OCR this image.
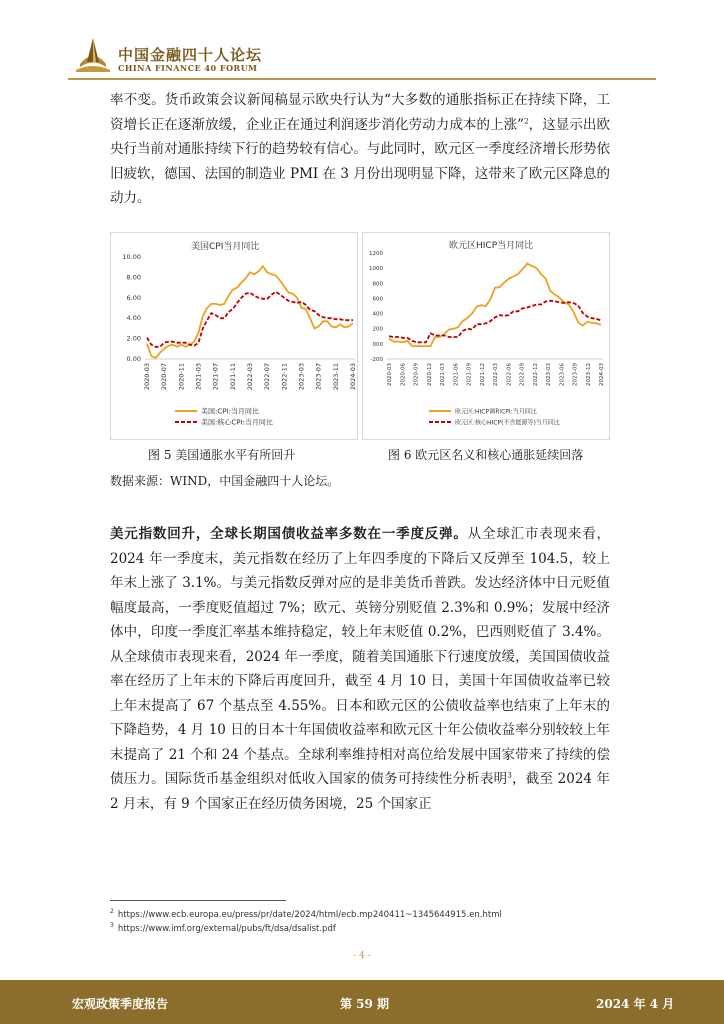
中国金融四十人论坛
CHINA FINANCE 40 FORUM
率不变。货币政策会议新闻稿显示欧央行认为“大多数的通胀指标正在持续下降，工资增长正在逐渐放缓，企业正在通过利润逐步消化劳动力成本的上涨”$^2$，这显示出欧央行当前对通胀持续下行的趋势较有信心。与此同时，欧元区一季度经济增长形势依旧疲软，德国、法国的制造业 PMI 在 3 月份出现明显下降，这带来了欧元区降息的动力。
美国CPI当月同比
0.00
2.00
4.00
6.00
8.00
10.00
2020-03 2020-07 2020-11 2021-03 2021-07 2021-11 2022-03 2022-07 2022-11 2023-03 2023-07 2023-11 2024-03
美国:CPI:当月同比
美国:核心CPI:当月同比
欧元区HICP当月同比
-200
000
200
400
600
800
1000
1200
2020-03 2020-06 2020-09 2020-12 2021-03 2021-06 2021-09 2021-12 2022-03 2022-06 2022-09 2022-12 2023-03 2023-06 2023-09 2023-12 2024-03
欧元区:HICP调和CPI:当月同比
欧元区:核心HICP(不含能源等)当月同比
图 5 美国通胀水平有所回升	图 6 欧元区名义和核心通胀延续回落
数据来源：WIND，中国金融四十人论坛。
美元指数回升，全球长期国债收益率多数在一季度反弹。从全球汇市表现来看，2024 年一季度末，美元指数在经历了上年四季度的下降后又反弹至 104.5，较上年末上涨了 3.1%。与美元指数反弹对应的是非美货币普跌。发达经济体中日元贬值幅度最高，一季度贬值超过 7%；欧元、英镑分别贬值 2.3%和 0.9%；发展中经济体中，印度一季度汇率基本维持稳定，较上年末贬值 0.2%，巴西则贬值了 3.4%。从全球债市表现来看，2024 年一季度，随着美国通胀下行速度放缓，美国国债收益率在经历了上年末的下降后再度回升，截至 4 月 10 日，美国十年国债收益率已较上年末提高了 67 个基点至 4.55%。日本和欧元区的公债收益率也结束了上年末的下降趋势，4 月 10 日的日本十年国债收益率和欧元区十年公债收益率分别较较上年末提高了 21 个和 24 个基点。全球利率维持相对高位给发展中国家带来了持续的偿债压力。国际货币基金组织对低收入国家的债务可持续性分析表明$^3$，截至 2024 年 2 月末，有 9 个国家正在经历债务困境，25 个国家正
$^2$ https://www.ecb.europa.eu/press/pr/date/2024/html/ecb.mp240411~1345644915.en.html
$^3$ https://www.imf.org/external/pubs/ft/dsa/dsalist.pdf
- 4 -
宏观政策季度报告	第 59 期	2024 年 4 月
